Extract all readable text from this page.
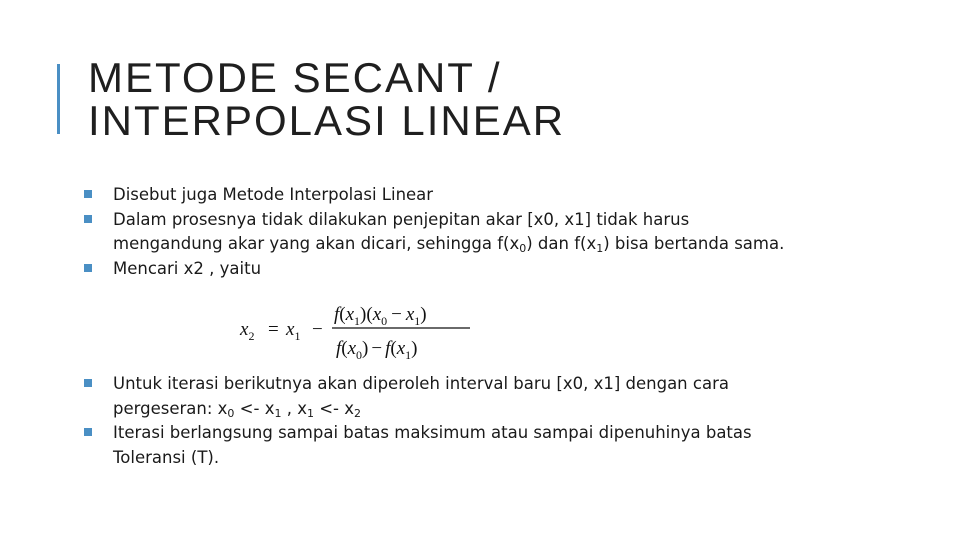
METODE SECANT /
INTERPOLASI LINEAR
Disebut juga Metode Interpolasi Linear
Dalam prosesnya tidak dilakukan penjepitan akar [x0, x1] tidak harus
mengandung akar yang akan dicari, sehingga $f(x_0)$ dan $f(x_1)$ bisa bertanda sama.
Mencari x2 , yaitu
$x_2 = x_1$ −
$f(x_1)(x_0 - x_1)$
$f(x_0) - f(x_1)$
Untuk iterasi berikutnya akan diperoleh interval baru [x0, x1] dengan cara
pergeseran: $x_0 <- x_1$ , $x_1 <- x_2$
Iterasi berlangsung sampai batas maksimum atau sampai dipenuhinya batas
Toleransi (T).
